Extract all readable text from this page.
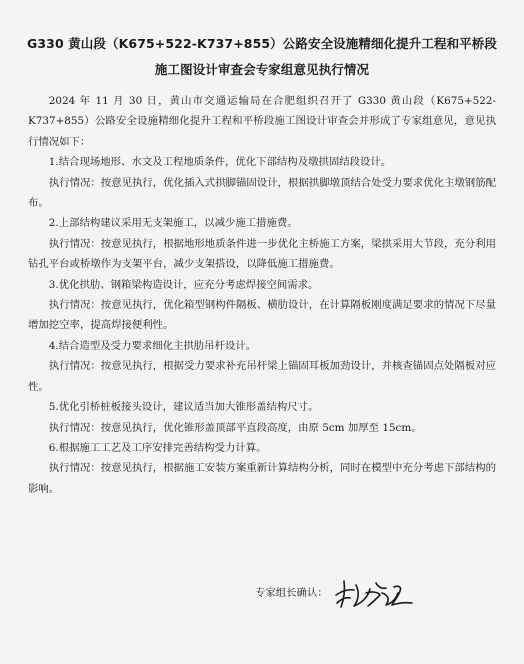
G330 黄山段（K675+522-K737+855）公路安全设施精细化提升工程和平桥段
施工图设计审查会专家组意见执行情况

2024 年 11 月 30 日，黄山市交通运输局在合肥组织召开了 G330 黄山段（K675+522-K737+855）公路安全设施精细化提升工程和平桥段施工图设计审查会并形成了专家组意见，意见执行情况如下：

1.结合现场地形、水文及工程地质条件，优化下部结构及墩拱固结段设计。

执行情况：按意见执行，优化插入式拱脚锚固设计，根据拱脚墩顶结合处受力要求优化主墩钢筋配布。

2.上部结构建议采用无支架施工，以减少施工措施费。

执行情况：按意见执行，根据地形地质条件进一步优化主桥施工方案，梁拱采用大节段，充分利用钻孔平台或桥墩作为支架平台，减少支架搭设，以降低施工措施费。

3.优化拱肋、钢箱梁构造设计，应充分考虑焊接空间需求。

执行情况：按意见执行，优化箱型钢构件隔板、横肋设计，在计算隔板刚度满足要求的情况下尽量增加挖空率，提高焊接便利性。

4.结合造型及受力要求细化主拱肋吊杆设计。

执行情况：按意见执行，根据受力要求补充吊杆梁上锚固耳板加劲设计，并核查锚固点处隔板对应性。

5.优化引桥桩板接头设计，建议适当加大锥形盖结构尺寸。

执行情况：按意见执行，优化锥形盖顶部平直段高度，由原 5cm 加厚至 15cm。

6.根据施工工艺及工序安排完善结构受力计算。

执行情况：按意见执行，根据施工安装方案重新计算结构分析，同时在模型中充分考虑下部结构的影响。

专家组长确认：
